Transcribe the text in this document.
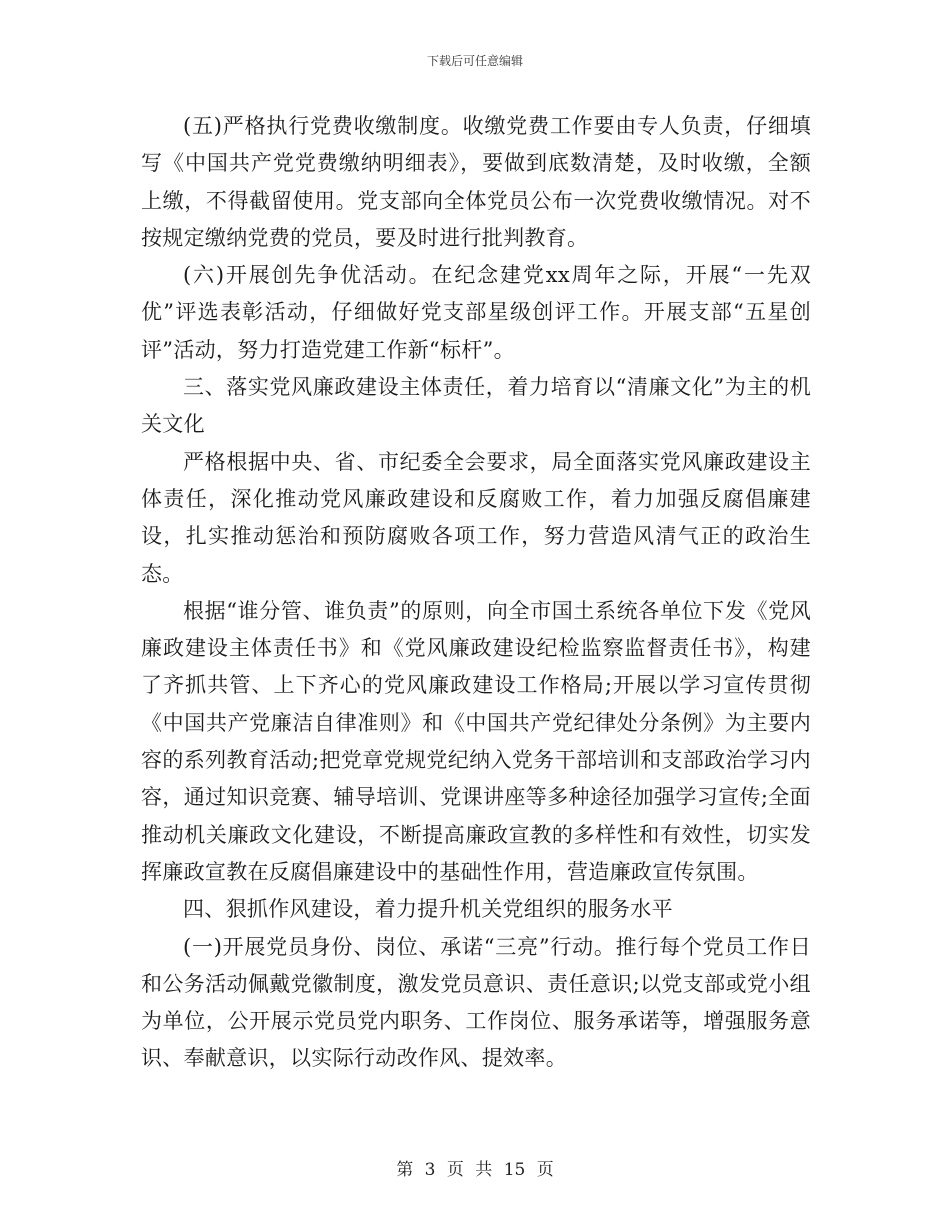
下载后可任意编辑

(五)严格执行党费收缴制度。收缴党费工作要由专人负责，仔细填写《中国共产党党费缴纳明细表》，要做到底数清楚，及时收缴，全额上缴，不得截留使用。党支部向全体党员公布一次党费收缴情况。对不按规定缴纳党费的党员，要及时进行批判教育。

(六)开展创先争优活动。在纪念建党xx周年之际，开展“一先双优”评选表彰活动，仔细做好党支部星级创评工作。开展支部“五星创评”活动，努力打造党建工作新“标杆”。

三、落实党风廉政建设主体责任，着力培育以“清廉文化”为主的机关文化

严格根据中央、省、市纪委全会要求，局全面落实党风廉政建设主体责任，深化推动党风廉政建设和反腐败工作，着力加强反腐倡廉建设，扎实推动惩治和预防腐败各项工作，努力营造风清气正的政治生态。

根据“谁分管、谁负责”的原则，向全市国土系统各单位下发《党风廉政建设主体责任书》和《党风廉政建设纪检监察监督责任书》，构建了齐抓共管、上下齐心的党风廉政建设工作格局;开展以学习宣传贯彻《中国共产党廉洁自律准则》和《中国共产党纪律处分条例》为主要内容的系列教育活动;把党章党规党纪纳入党务干部培训和支部政治学习内容，通过知识竞赛、辅导培训、党课讲座等多种途径加强学习宣传;全面推动机关廉政文化建设，不断提高廉政宣教的多样性和有效性，切实发挥廉政宣教在反腐倡廉建设中的基础性作用，营造廉政宣传氛围。

四、狠抓作风建设，着力提升机关党组织的服务水平

(一)开展党员身份、岗位、承诺“三亮”行动。推行每个党员工作日和公务活动佩戴党徽制度，激发党员意识、责任意识;以党支部或党小组为单位，公开展示党员党内职务、工作岗位、服务承诺等，增强服务意识、奉献意识，以实际行动改作风、提效率。

第 3 页 共 15 页
